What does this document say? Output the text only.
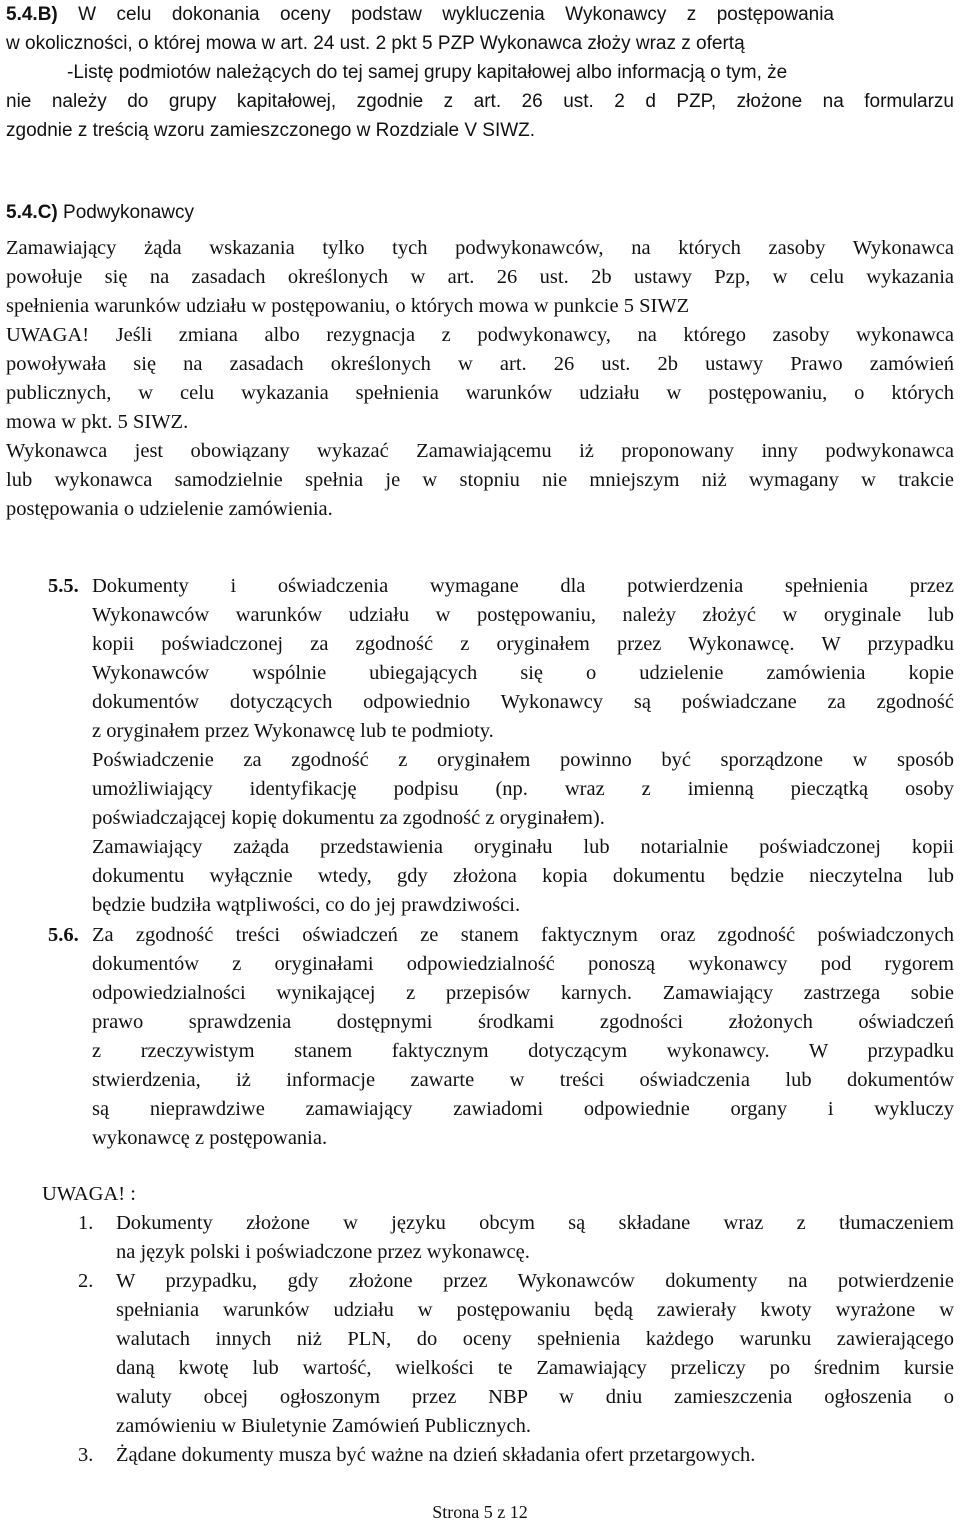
5.4.B) W celu dokonania oceny podstaw wykluczenia Wykonawcy z postępowania
w okoliczności, o której mowa w art. 24 ust. 2 pkt 5 PZP Wykonawca złoży wraz z ofertą
-Listę podmiotów należących do tej samej grupy kapitałowej albo informacją o tym, że
nie należy do grupy kapitałowej, zgodnie z art. 26 ust. 2 d PZP, złożone na formularzu
zgodnie z treścią wzoru zamieszczonego w Rozdziale V SIWZ.
5.4.C) Podwykonawcy
Zamawiający żąda wskazania tylko tych podwykonawców, na których zasoby Wykonawca
powołuje się na zasadach określonych w art. 26 ust. 2b ustawy Pzp, w celu wykazania
spełnienia warunków udziału w postępowaniu, o których mowa w punkcie 5 SIWZ
UWAGA! Jeśli zmiana albo rezygnacja z podwykonawcy, na którego zasoby wykonawca
powoływała się na zasadach określonych w art. 26 ust. 2b ustawy Prawo zamówień
publicznych, w celu wykazania spełnienia warunków udziału w postępowaniu, o których
mowa w pkt. 5 SIWZ.
Wykonawca jest obowiązany wykazać Zamawiającemu iż proponowany inny podwykonawca
lub wykonawca samodzielnie spełnia je w stopniu nie mniejszym niż wymagany w trakcie
postępowania o udzielenie zamówienia.
5.5. Dokumenty i oświadczenia wymagane dla potwierdzenia spełnienia przez
Wykonawców warunków udziału w postępowaniu, należy złożyć w oryginale lub
kopii poświadczonej za zgodność z oryginałem przez Wykonawcę. W przypadku
Wykonawców wspólnie ubiegających się o udzielenie zamówienia kopie
dokumentów dotyczących odpowiednio Wykonawcy są poświadczane za zgodność
z oryginałem przez Wykonawcę lub te podmioty.
Poświadczenie za zgodność z oryginałem powinno być sporządzone w sposób
umożliwiający identyfikację podpisu (np. wraz z imienną pieczątką osoby
poświadczającej kopię dokumentu za zgodność z oryginałem).
Zamawiający zażąda przedstawienia oryginału lub notarialnie poświadczonej kopii
dokumentu wyłącznie wtedy, gdy złożona kopia dokumentu będzie nieczytelna lub
będzie budziła wątpliwości, co do jej prawdziwości.
5.6. Za zgodność treści oświadczeń ze stanem faktycznym oraz zgodność poświadczonych
dokumentów z oryginałami odpowiedzialność ponoszą wykonawcy pod rygorem
odpowiedzialności wynikającej z przepisów karnych. Zamawiający zastrzega sobie
prawo sprawdzenia dostępnymi środkami zgodności złożonych oświadczeń
z rzeczywistym stanem faktycznym dotyczącym wykonawcy. W przypadku
stwierdzenia, iż informacje zawarte w treści oświadczenia lub dokumentów
są nieprawdziwe zamawiający zawiadomi odpowiednie organy i wykluczy
wykonawcę z postępowania.
UWAGA! :
1. Dokumenty złożone w języku obcym są składane wraz z tłumaczeniem
na język polski i poświadczone przez wykonawcę.
2. W przypadku, gdy złożone przez Wykonawców dokumenty na potwierdzenie
spełniania warunków udziału w postępowaniu będą zawierały kwoty wyrażone w
walutach innych niż PLN, do oceny spełnienia każdego warunku zawierającego
daną kwotę lub wartość, wielkości te Zamawiający przeliczy po średnim kursie
waluty obcej ogłoszonym przez NBP w dniu zamieszczenia ogłoszenia o
zamówieniu w Biuletynie Zamówień Publicznych.
3. Żądane dokumenty musza być ważne na dzień składania ofert przetargowych.
Strona 5 z 12
